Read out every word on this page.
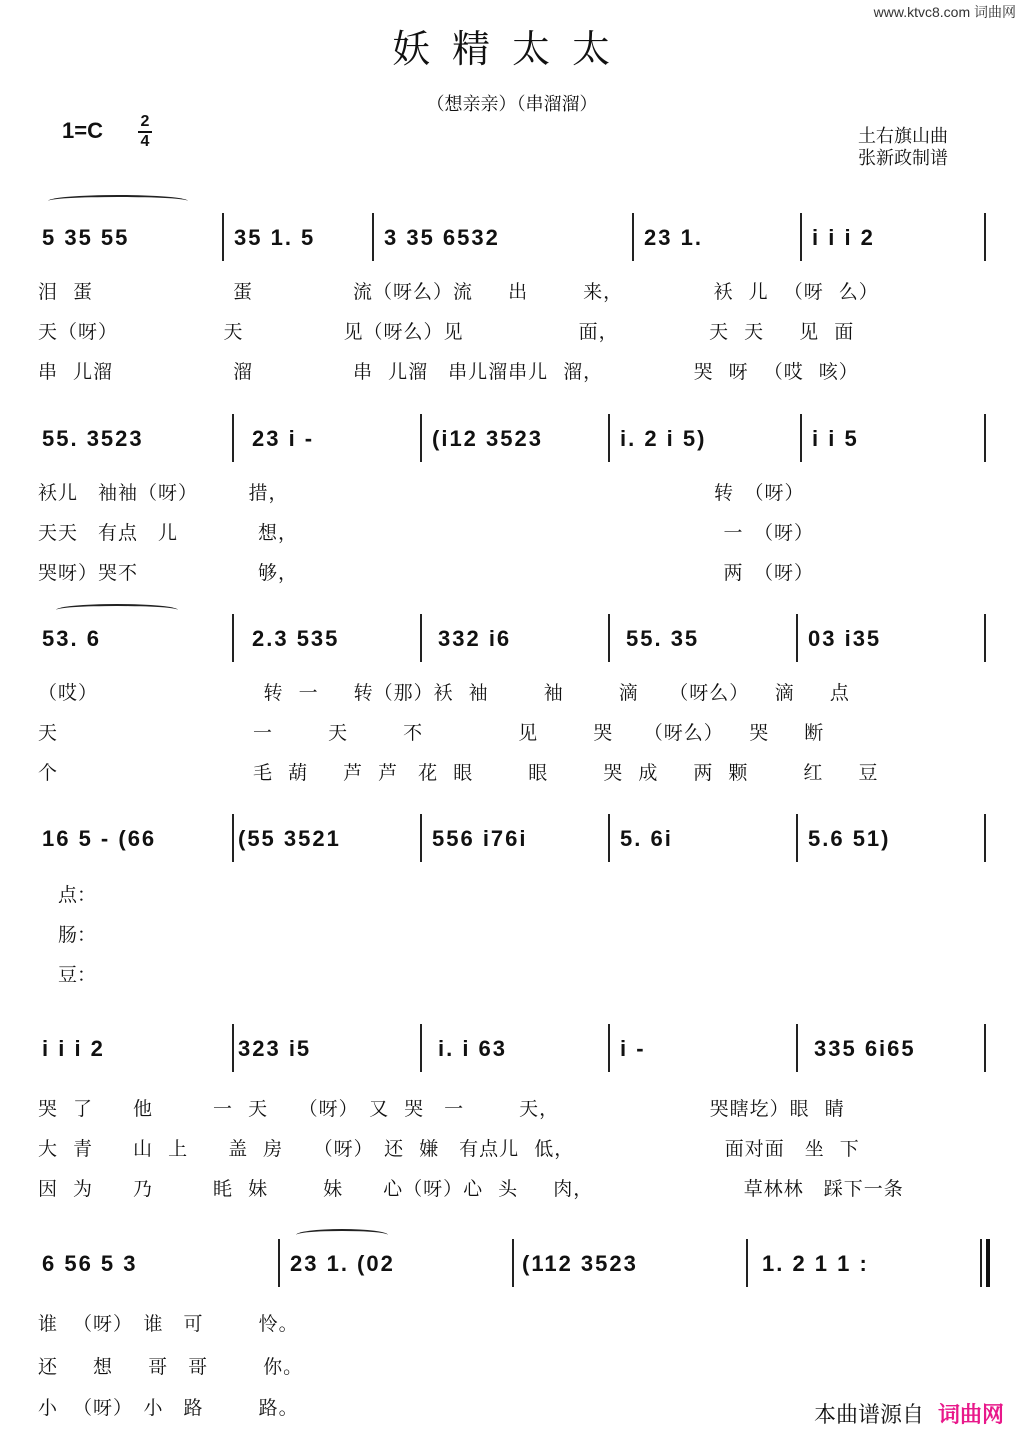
www.ktvc8.com 词曲网
妖精太太
（想亲亲）（串溜溜）
1=C 2
4	土右旗山曲
张新政制谱
5 35 55	35 1. 5	3 35 6532	23 1.	i i i 2
泪 蛋　　　　　　　蛋　　　　　流（呀么）流　 出　　 来，　　　　　袄 儿 （呀 么）
天（呀）　　　　　 天　　　　　见（呀么）见　　　　　 面，　　　　　天 天　 见 面
串 儿溜　　　　　　溜　　　　　串 儿溜　串儿溜串儿 溜，　　　　　哭 呀 （哎 咳）
55. 3523	23 i -	(i12 3523	i. 2 i 5)	i i 5
袄儿　袖袖（呀）　　　措，　　　　　　　　　　　　　　　　　　　　　 转　（呀）
天天　有点　儿　　　　想，　　　　　　　　　　　　　　　　　　　　　 一　（呀）
哭呀）哭不　　　　　　够，　　　　　　　　　　　　　　　　　　　　　 两　（呀）
53. 6	2.3 535	332 i6	55. 35	03 i35
（哎）　　　　　　　　 转 一　 转（那）袄 袖　　 袖　　 滴　　（呀么）　 滴　 点
天　　　　　　　　　 一　　 天　　 不　　　　 见　　 哭　　（呀么）　 哭　 断
个　　　　　　　　　 毛 葫　 芦 芦　花 眼　　 眼　　 哭 成　 两 颗　　 红　 豆
16 5 - (66	(55 3521	556 i76i	5. 6i	5.6 51)
点：
肠：
豆：
i i i 2	323 i5	i. i 63	i -	335 6i65
哭 了　　他　　　一 天　　（呀）　又 哭　一　　 天，　　　　　　　　哭瞎圪）眼 睛
大 青　　山 上　　盖 房　　（呀）　还 嫌　有点儿 低，　　　　　　　　面对面　坐 下
因 为　　乃　　　眊 妹　　 妹　　心（呀）心 头　 肉，　　　　　　　　草林林　踩下一条
6 56 5 3	23 1. (02	(112 3523	1. 2 1 1 :
谁 （呀）　谁　可　　 怜。
还　 想　 哥　哥　　 你。
小 （呀）　小　路　　 路。	本曲谱源自 词曲网
